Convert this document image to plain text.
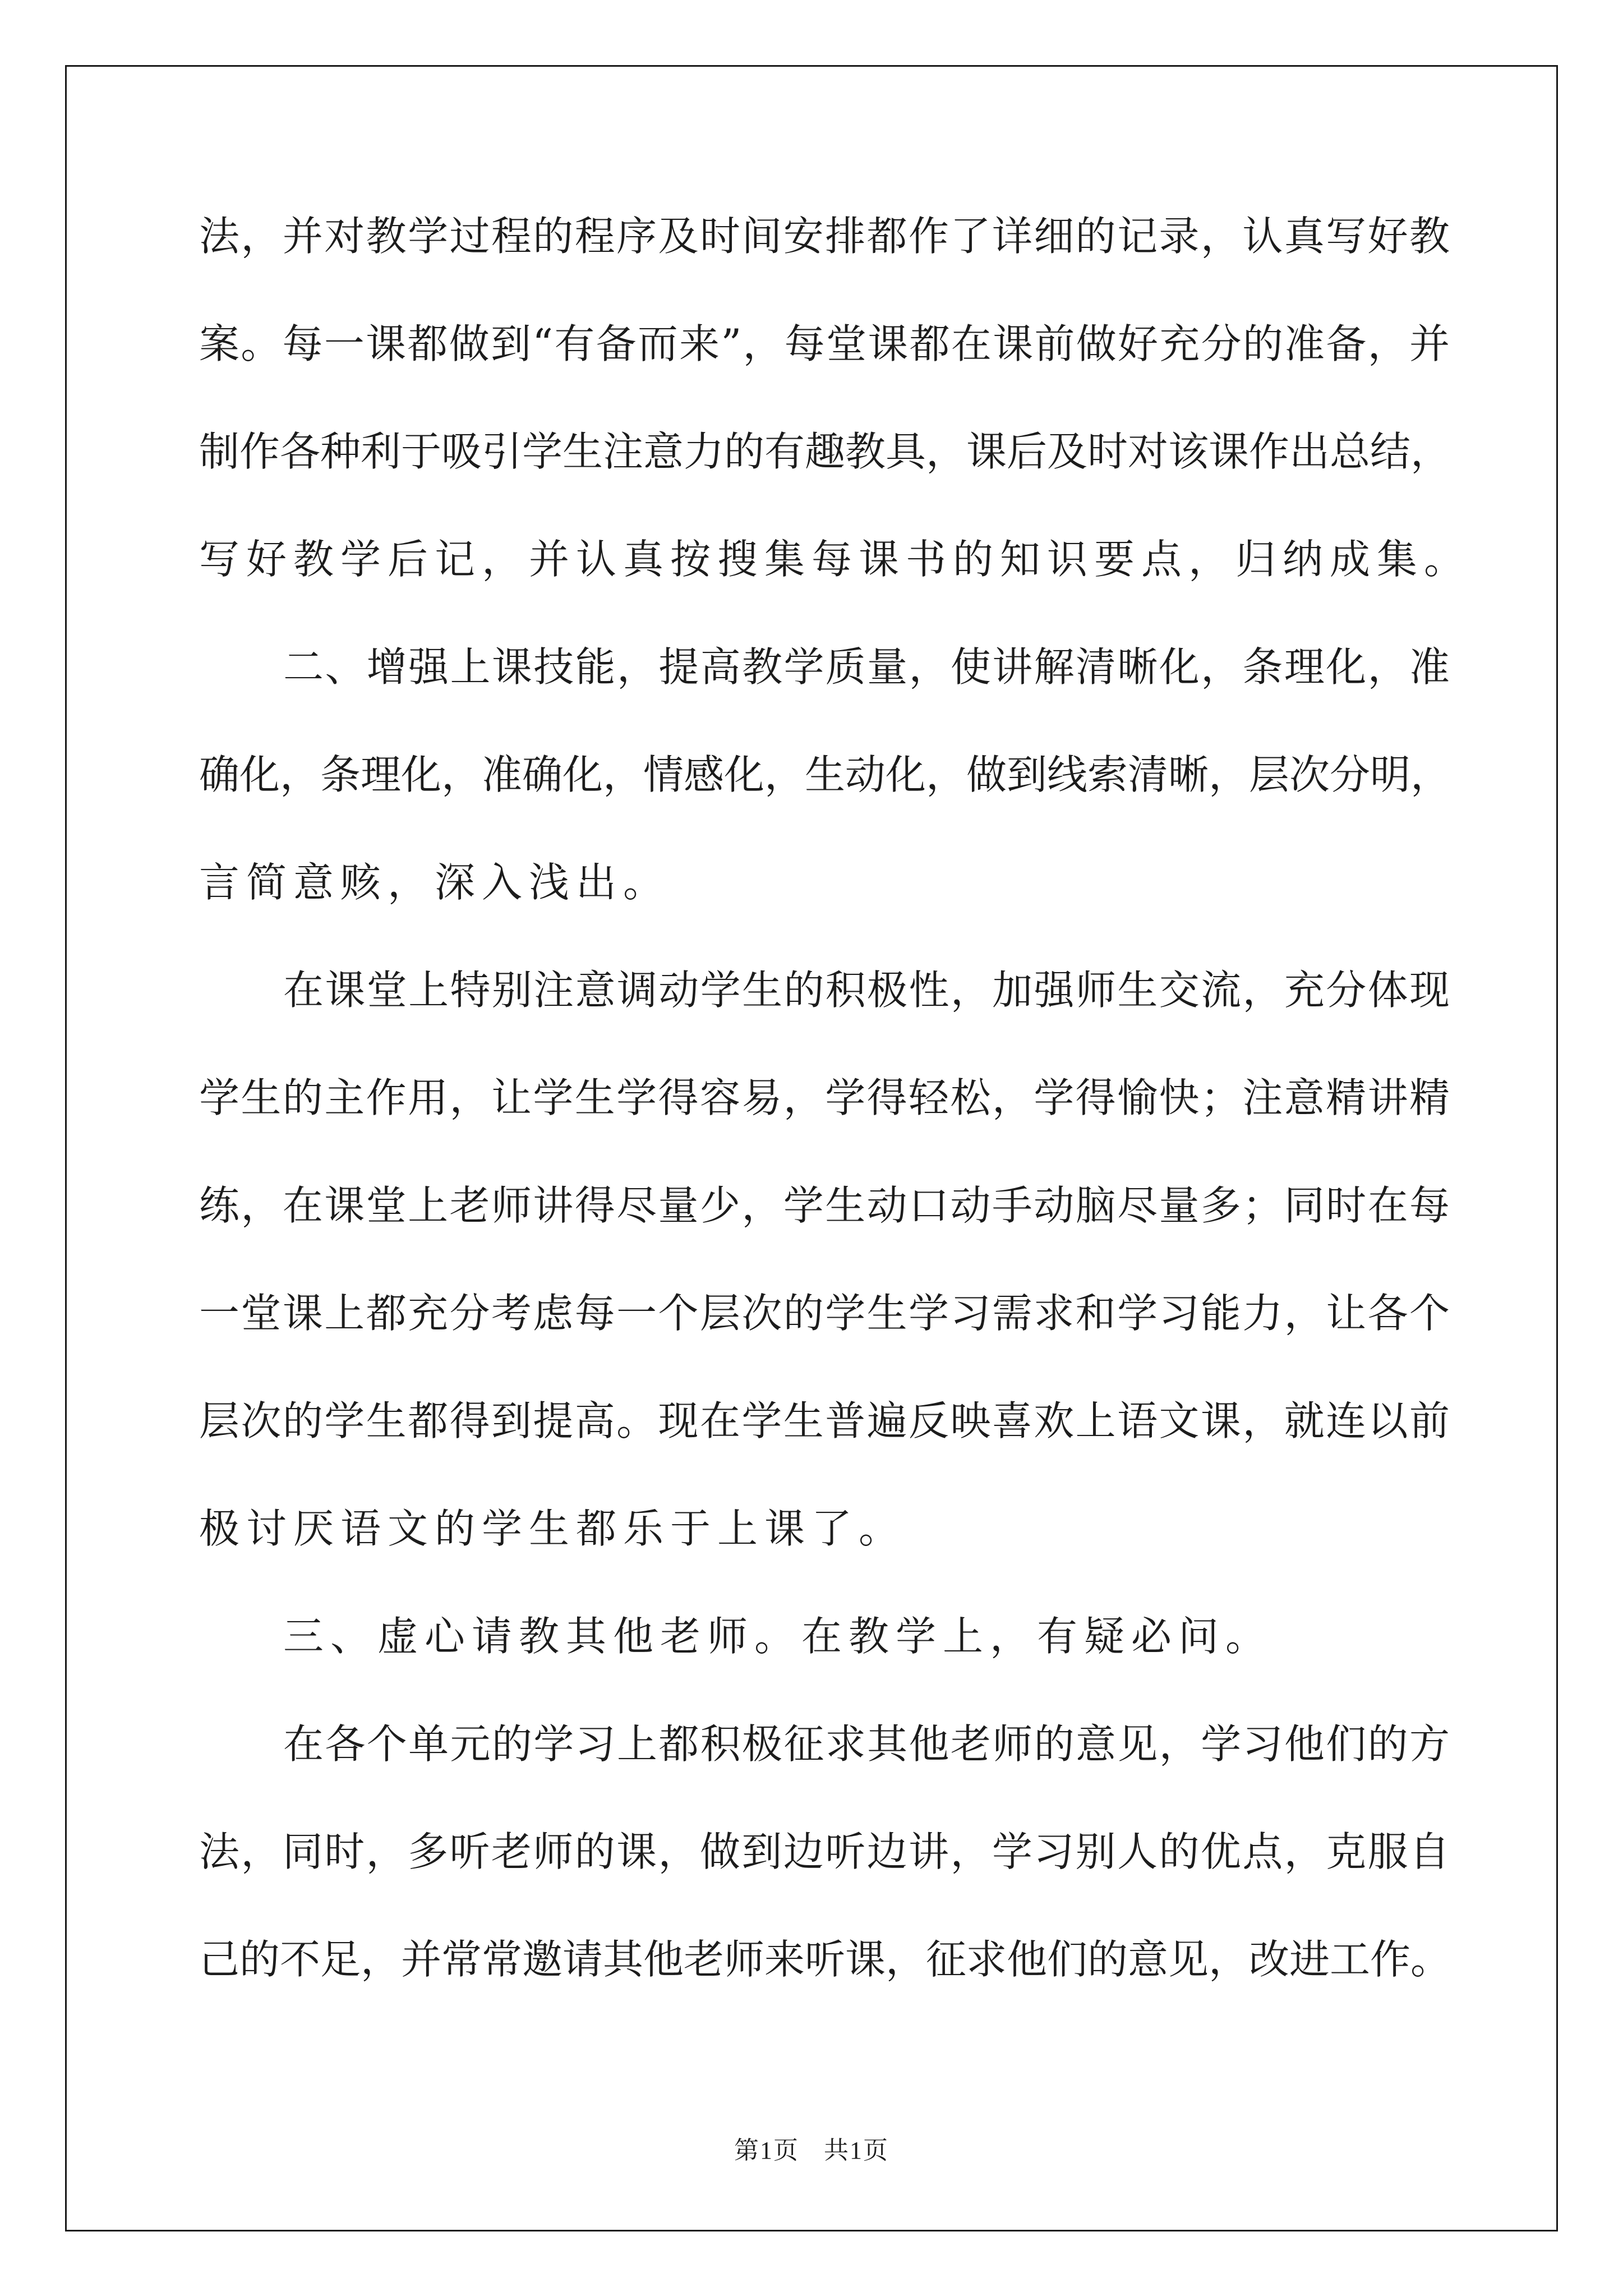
法，并对教学过程的程序及时间安排都作了详细的记录，认真写好教
案。每一课都做到“有备而来”，每堂课都在课前做好充分的准备，并
制作各种利于吸引学生注意力的有趣教具，课后及时对该课作出总结，
写好教学后记，并认真按搜集每课书的知识要点，归纳成集。
二、增强上课技能，提高教学质量，使讲解清晰化，条理化，准
确化，条理化，准确化，情感化，生动化，做到线索清晰，层次分明，
言简意赅，深入浅出。
在课堂上特别注意调动学生的积极性，加强师生交流，充分体现
学生的主作用，让学生学得容易，学得轻松，学得愉快；注意精讲精
练，在课堂上老师讲得尽量少，学生动口动手动脑尽量多；同时在每
一堂课上都充分考虑每一个层次的学生学习需求和学习能力，让各个
层次的学生都得到提高。现在学生普遍反映喜欢上语文课，就连以前
极讨厌语文的学生都乐于上课了。
三、虚心请教其他老师。在教学上，有疑必问。
在各个单元的学习上都积极征求其他老师的意见，学习他们的方
法，同时，多听老师的课，做到边听边讲，学习别人的优点，克服自
己的不足，并常常邀请其他老师来听课，征求他们的意见，改进工作。
第1页 共1页
